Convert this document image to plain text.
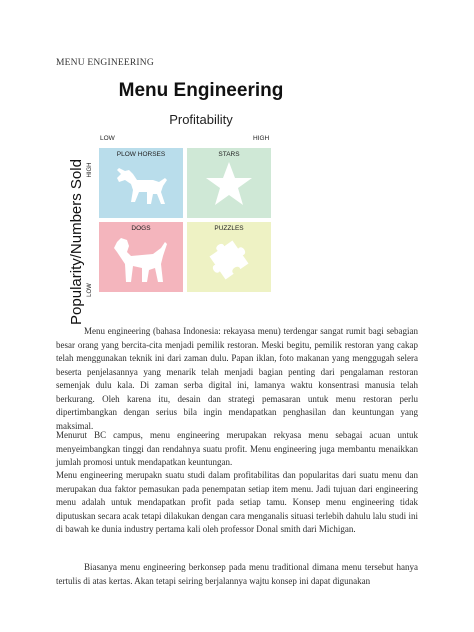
MENU ENGINEERING
Menu Engineering
Profitability
LOW	HIGH
Popularity/Numbers Sold HIGH
LOW
PLOW HORSES	STARS
DOGS	PUZZLES
Menu engineering (bahasa Indonesia: rekayasa menu) terdengar sangat rumit bagi sebagian besar orang yang bercita-cita menjadi pemilik restoran. Meski begitu, pemilik restoran yang cakap telah menggunakan teknik ini dari zaman dulu. Papan iklan, foto makanan yang menggugah selera beserta penjelasannya yang menarik telah menjadi bagian penting dari pengalaman restoran semenjak dulu kala. Di zaman serba digital ini, lamanya waktu konsentrasi manusia telah berkurang. Oleh karena itu, desain dan strategi pemasaran untuk menu restoran perlu dipertimbangkan dengan serius bila ingin mendapatkan penghasilan dan keuntungan yang maksimal.
Menurut BC campus, menu engineering merupakan rekyasa menu sebagai acuan untuk menyeimbangkan tinggi dan rendahnya suatu profit. Menu engineering juga membantu menaikkan jumlah promosi untuk mendapatkan keuntungan.
Menu engineering merupakn suatu studi dalam profitabilitas dan popularitas dari suatu menu dan merupakan dua faktor pemasukan pada penempatan setiap item menu. Jadi tujuan dari engineering menu adalah untuk mendapatkan profit pada setiap tamu. Konsep menu engineering tidak diputuskan secara acak tetapi dilakukan dengan cara menganalis situasi terlebih dahulu lalu studi ini di bawah ke dunia industry pertama kali oleh professor Donal smith dari Michigan.
Biasanya menu engineering berkonsep pada menu traditional dimana menu tersebut hanya tertulis di atas kertas. Akan tetapi seiring berjalannya wajtu konsep ini dapat digunakan
